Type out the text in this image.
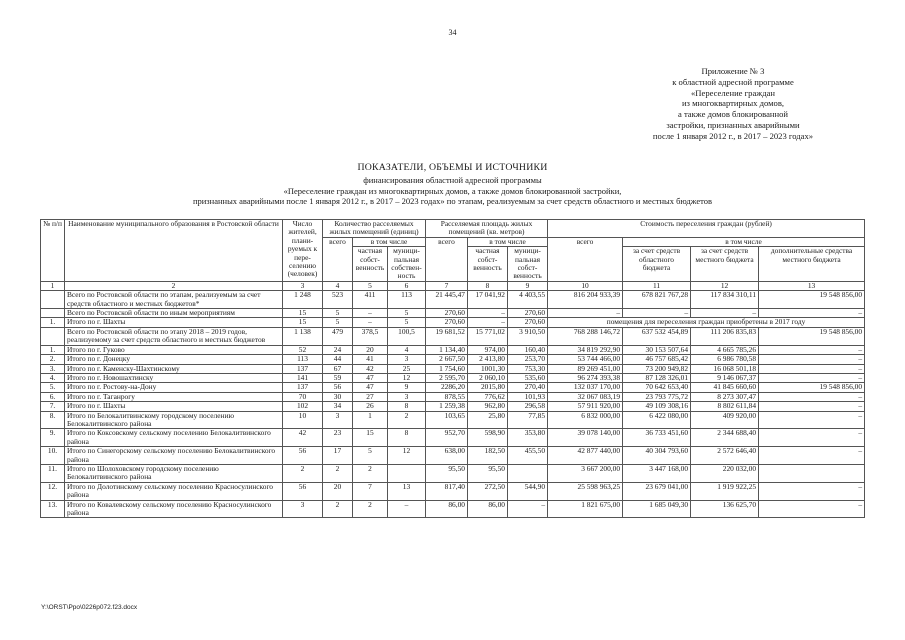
34
Приложение № 3
к областной адресной программе
«Переселение граждан
из многоквартирных домов,
а также домов блокированной
застройки, признанных аварийными
после 1 января 2012 г., в 2017 – 2023 годах»
ПОКАЗАТЕЛИ, ОБЪЕМЫ И ИСТОЧНИКИ
финансирования областной адресной программы
«Переселение граждан из многоквартирных домов, а также домов блокированной застройки,
признанных аварийными после 1 января 2012 г., в 2017 – 2023 годах» по этапам, реализуемым за счет средств областного и местных бюджетов
№ п/п	Наименование муниципального образования в Ростовской области	Число жителей, плани-руемых к пере-селению (человек)	Количество расселяемых жилых помещений (единиц)			Расселяемая площадь жилых помещений (кв. метров)			Стоимость переселения граждан (рублей)			
			всего	в том числе		всего	в том числе		всего	в том числе		
				частная собст-венность	муници-пальная собствен-ность		частная собст-венность	муници-пальная собст-венность		за счет средств областного бюджета	за счет средств местного бюджета	дополнительные средства местного бюджета
1	2	3	4	5	6	7	8	9	10	11	12	13
	Всего по Ростовской области по этапам, реализуемым за счет средств областного и местных бюджетов*	1 248	523	411	113	21 445,47	17 041,92	4 403,55	816 204 933,39	678 821 767,28	117 834 310,11	19 548 856,00
	Всего по Ростовской области по иным мероприятиям	15	5	–	5	270,60	–	270,60	–	–	–	–
1.	Итого по г. Шахты	15	5	–	5	270,60	–	270,60	помещения для переселения граждан приобретены в 2017 году			
	Всего по Ростовской области по этапу 2018 – 2019 годов, реализуемому за счет средств областного и местных бюджетов	1 138	479	378,5	100,5	19 681,52	15 771,02	3 910,50	768 288 146,72	637 532 454,89	111 206 835,83	19 548 856,00
1.	Итого по г. Гуково	52	24	20	4	1 134,40	974,00	160,40	34 819 292,90	30 153 507,64	4 665 785,26	–
2.	Итого по г. Донецку	113	44	41	3	2 667,50	2 413,80	253,70	53 744 466,00	46 757 685,42	6 986 780,58	–
3.	Итого по г. Каменску-Шахтинскому	137	67	42	25	1 754,60	1001,30	753,30	89 269 451,00	73 200 949,82	16 068 501,18	–
4.	Итого по г. Новошахтинску	141	59	47	12	2 595,70	2 060,10	535,60	96 274 393,38	87 128 326,01	9 146 067,37	–
5.	Итого по г. Ростову-на-Дону	137	56	47	9	2286,20	2015,80	270,40	132 037 170,00	70 642 653,40	41 845 660,60	19 548 856,00
6.	Итого по г. Таганрогу	70	30	27	3	878,55	776,62	101,93	32 067 083,19	23 793 775,72	8 273 307,47	–
7.	Итого по г. Шахты	102	34	26	8	1 259,38	962,80	296,58	57 911 920,00	49 109 308,16	8 802 611,84	–
8.	Итого по Белокалитвинскому городскому поселению Белокалитвинского района	10	3	1	2	103,65	25,80	77,85	6 832 000,00	6 422 080,00	409 920,00	–
9.	Итого по Коксовскому сельскому поселению Белокалитвинского района	42	23	15	8	952,70	598,90	353,80	39 078 140,00	36 733 451,60	2 344 688,40	–
10.	Итого по Синегорскому сельскому поселению Белокалитвинского района	56	17	5	12	638,00	182,50	455,50	42 877 440,00	40 304 793,60	2 572 646,40	–
11.	Итого по Шолоховскому городскому поселению Белокалитвинского района	2	2	2		95,50	95,50		3 667 200,00	3 447 168,00	220 032,00	
12.	Итого по Долотинскому сельскому поселению Красносулинского района	56	20	7	13	817,40	272,50	544,90	25 598 963,25	23 679 041,00	1 919 922,25	–
13.	Итого по Ковалевскому сельскому поселению Красносулинского района	3	2	2	–	86,00	86,00	–	1 821 675,00	1 685 049,30	136 625,70	–
Y:\ORST\Ppo\0226p072.f23.docx
